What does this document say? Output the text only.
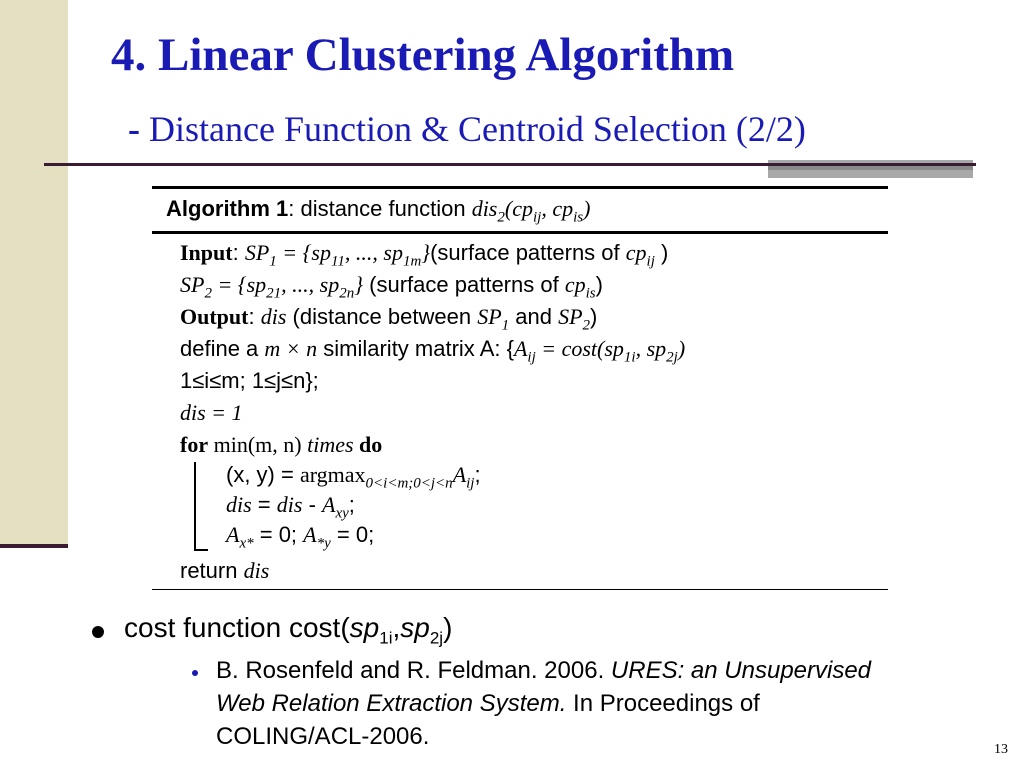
4. Linear Clustering Algorithm
- Distance Function & Centroid Selection (2/2)
Algorithm 1: distance function $dis_2(cp_{ij}$, $cp_{is}$)
Input: $SP_1 = \{sp_{11}$, ..., $sp_{1m}\}(surface$ patterns of $cp_{ij}$ )
$SP_2 = \{sp_{21}$, ..., $sp_{2n}$} (surface patterns of $cp_{is}$)
Output: dis (distance between $SP_1$ and $SP_2$)
define a m × n similarity matrix A: {$A_{ij} = \cos t(sp_{1i}$, $sp_{2j}$)
1≤i≤m; 1≤j≤n};
dis = 1
for min(m, n) times do
(x, $y) = argmax_{0<i<m;0<j<n}A_{ij}$;
dis = dis - $A_{xy}$;
$A_{x*} = 0$; $A_{*y} = 0$;
return dis
cost function $\cos t(sp_{1i},sp_{2j})$
B. Rosenfeld and R. Feldman. 2006. URES: an Unsupervised Web Relation Extraction System. In Proceedings of COLING/ACL-2006.	13
